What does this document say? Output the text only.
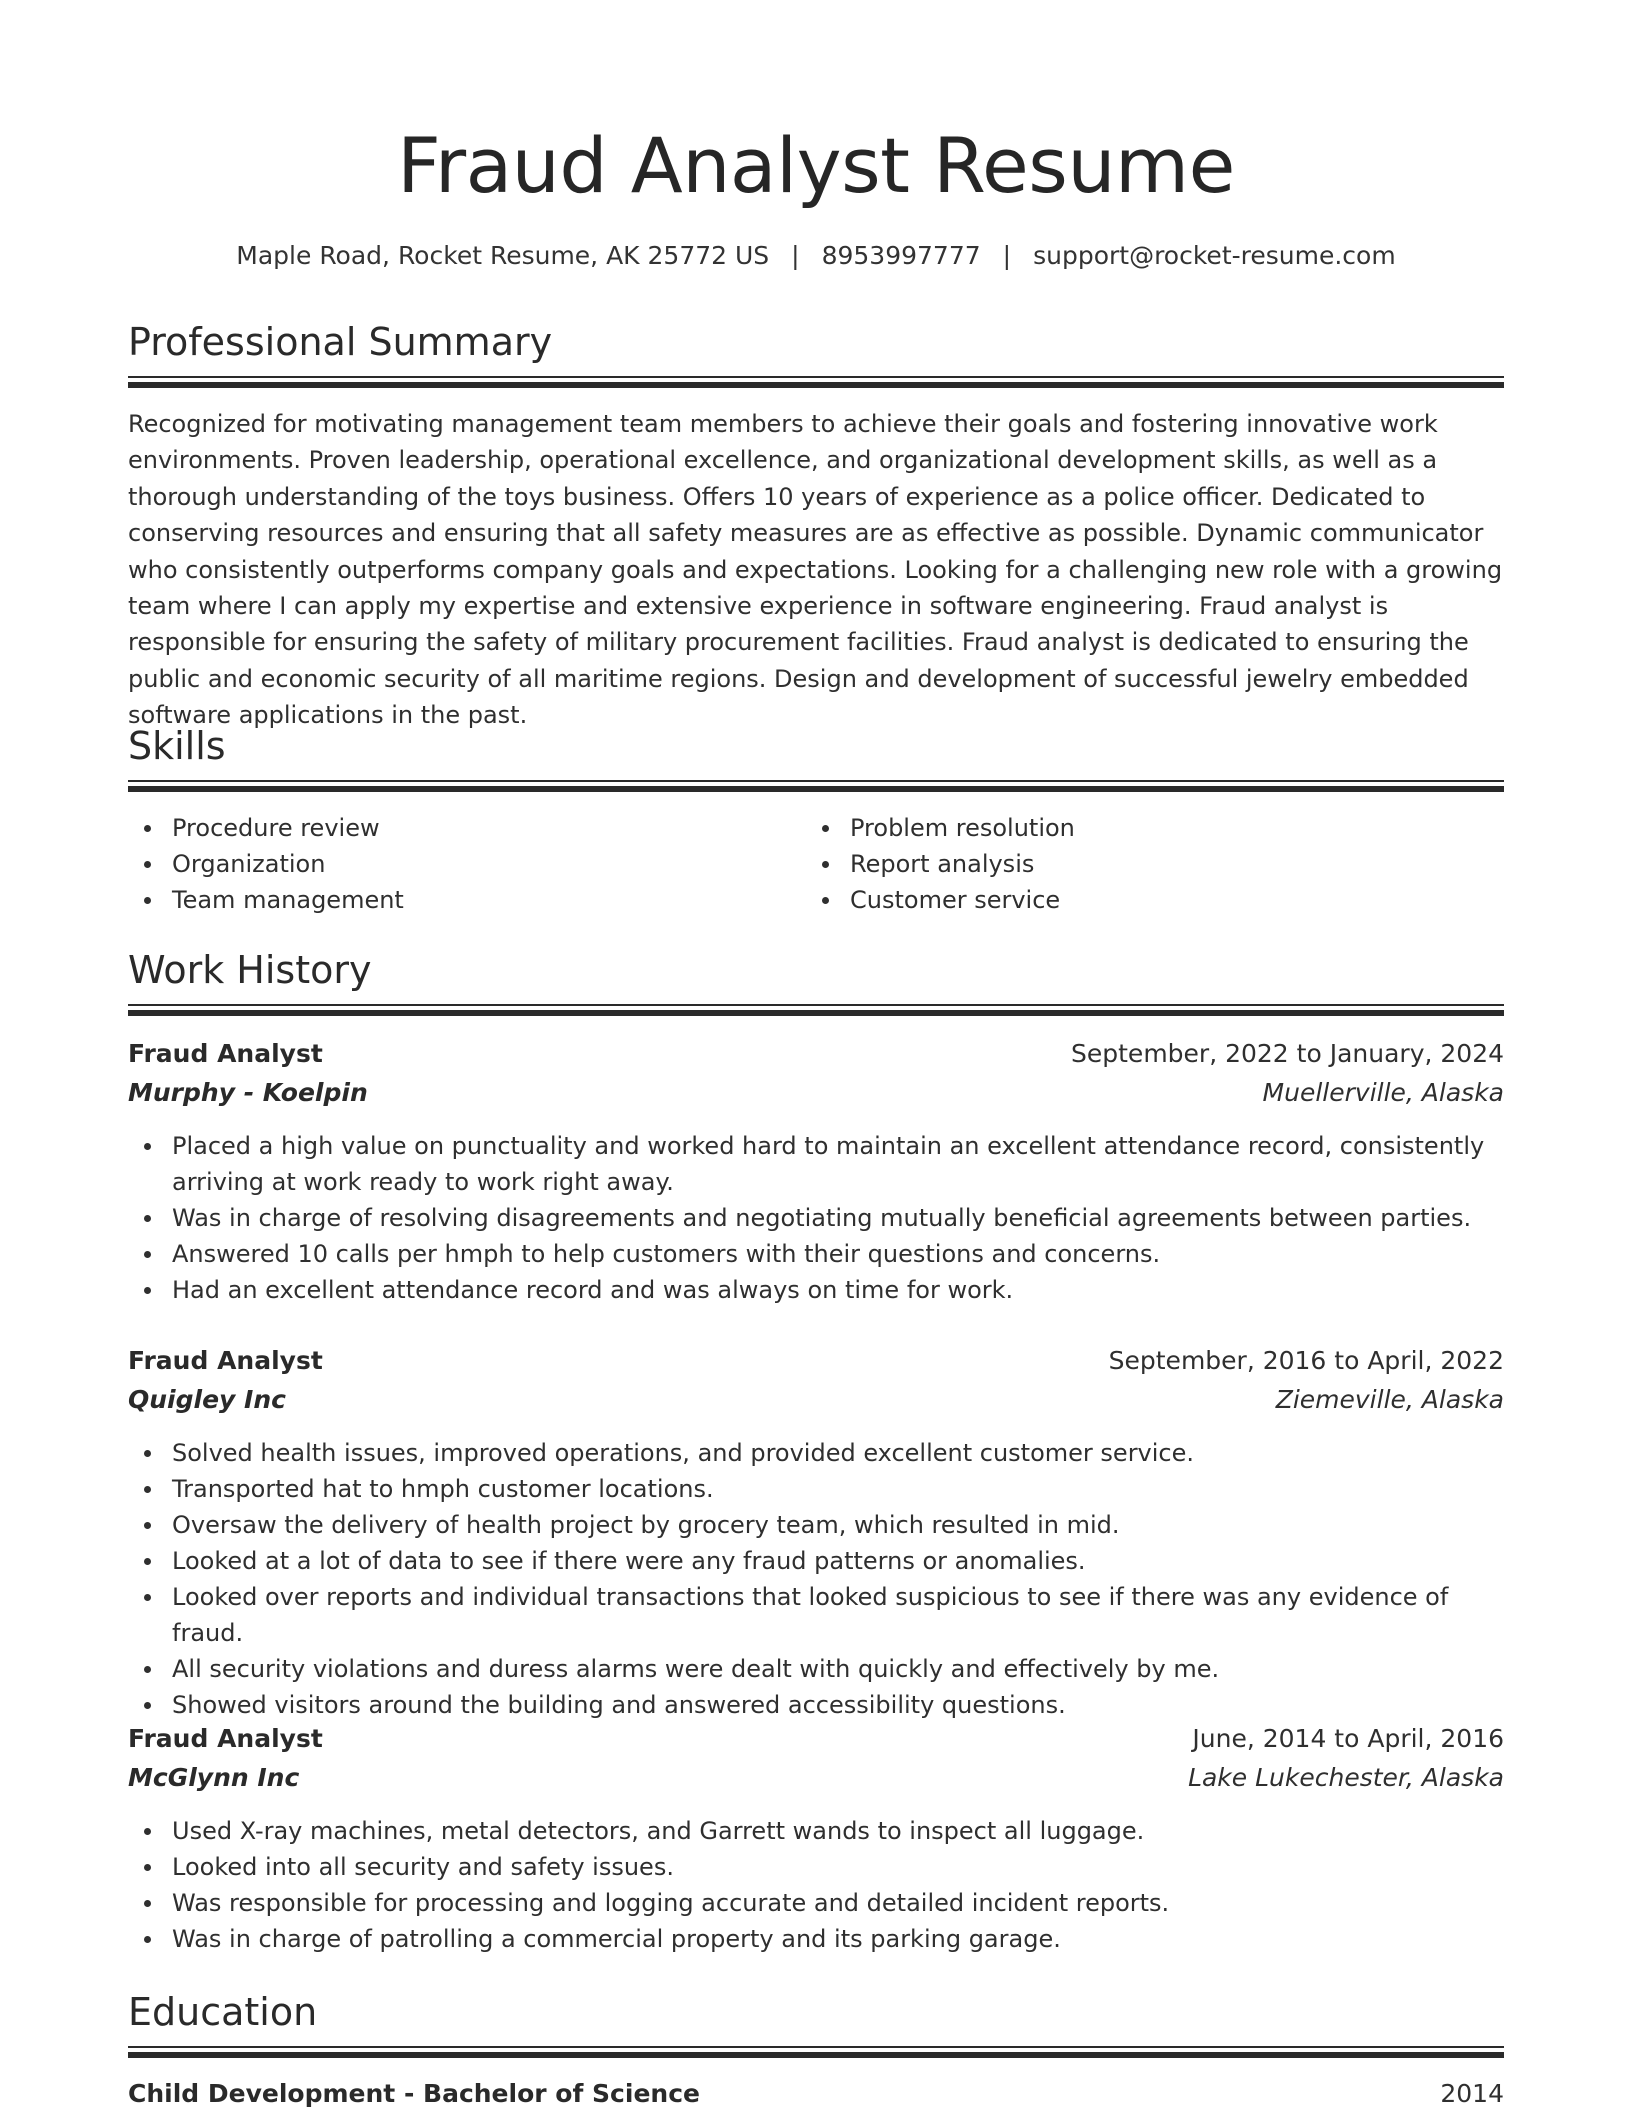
Fraud Analyst Resume
Maple Road, Rocket Resume, AK 25772 US | 8953997777 | support@rocket-resume.com
Professional Summary

Recognized for motivating management team members to achieve their goals and fostering innovative work environments. Proven leadership, operational excellence, and organizational development skills, as well as a thorough understanding of the toys business. Offers 10 years of experience as a police officer. Dedicated to conserving resources and ensuring that all safety measures are as effective as possible. Dynamic communicator who consistently outperforms company goals and expectations. Looking for a challenging new role with a growing team where I can apply my expertise and extensive experience in software engineering. Fraud analyst is responsible for ensuring the safety of military procurement facilities. Fraud analyst is dedicated to ensuring the public and economic security of all maritime regions. Design and development of successful jewelry embedded software applications in the past.

Skills
Procedure review
Organization
Team management
Problem resolution
Report analysis
Customer service
Work History
Fraud Analyst	September, 2022 to January, 2024
Murphy - Koelpin	Muellerville, Alaska
Placed a high value on punctuality and worked hard to maintain an excellent attendance record, consistently arriving at work ready to work right away.
Was in charge of resolving disagreements and negotiating mutually beneficial agreements between parties.
Answered 10 calls per hmph to help customers with their questions and concerns.
Had an excellent attendance record and was always on time for work.
Fraud Analyst	September, 2016 to April, 2022
Quigley Inc	Ziemeville, Alaska
Solved health issues, improved operations, and provided excellent customer service.
Transported hat to hmph customer locations.
Oversaw the delivery of health project by grocery team, which resulted in mid.
Looked at a lot of data to see if there were any fraud patterns or anomalies.
Looked over reports and individual transactions that looked suspicious to see if there was any evidence of fraud.
All security violations and duress alarms were dealt with quickly and effectively by me.
Showed visitors around the building and answered accessibility questions.
Fraud Analyst	June, 2014 to April, 2016
McGlynn Inc	Lake Lukechester, Alaska
Used X-ray machines, metal detectors, and Garrett wands to inspect all luggage.
Looked into all security and safety issues.
Was responsible for processing and logging accurate and detailed incident reports.
Was in charge of patrolling a commercial property and its parking garage.
Education
Child Development - Bachelor of Science	2014
